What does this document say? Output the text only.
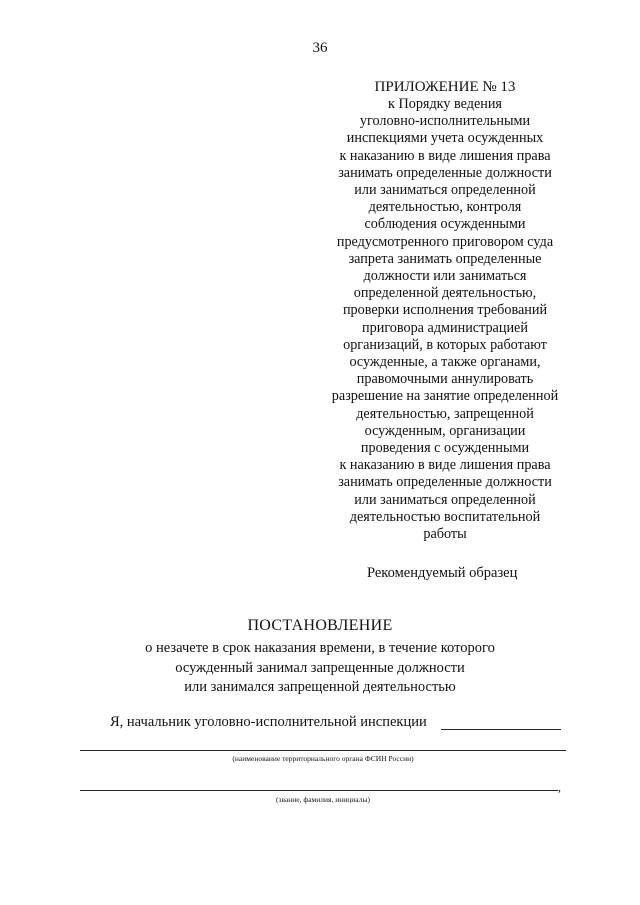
36
ПРИЛОЖЕНИЕ № 13
к Порядку ведения
уголовно-исполнительными
инспекциями учета осужденных
к наказанию в виде лишения права
занимать определенные должности
или заниматься определенной
деятельностью, контроля
соблюдения осужденными
предусмотренного приговором суда
запрета занимать определенные
должности или заниматься
определенной деятельностью,
проверки исполнения требований
приговора администрацией
организаций, в которых работают
осужденные, а также органами,
правомочными аннулировать
разрешение на занятие определенной
деятельностью, запрещенной
осужденным, организации
проведения с осужденными
к наказанию в виде лишения права
занимать определенные должности
или заниматься определенной
деятельностью воспитательной
работы
Рекомендуемый образец
ПОСТАНОВЛЕНИЕ
о незачете в срок наказания времени, в течение которого
осужденный занимал запрещенные должности
или занимался запрещенной деятельностью
Я, начальник уголовно-исполнительной инспекции
(наименование территориального органа ФСИН России)
,
(звание, фамилия, инициалы)
